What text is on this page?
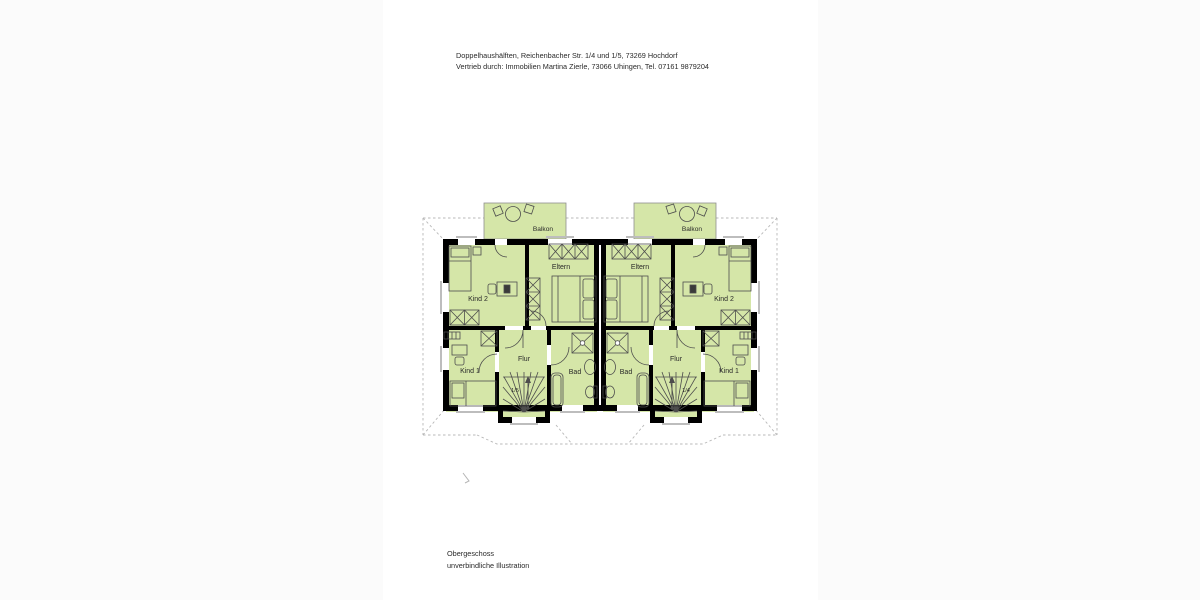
Doppelhaushälften, Reichenbacher Str. 1/4 und 1/5, 73269 Hochdorf
Vertrieb durch: Immobilien Martina Zierle, 73066 Uhingen, Tel. 07161 9879204
Balkon
Eltern
Kind 2
Kind 1
Flur
Bad
1/5
Balkon
Eltern
Kind 2
Kind 1
Flur
Bad
1/4
Obergeschoss
unverbindliche Illustration
